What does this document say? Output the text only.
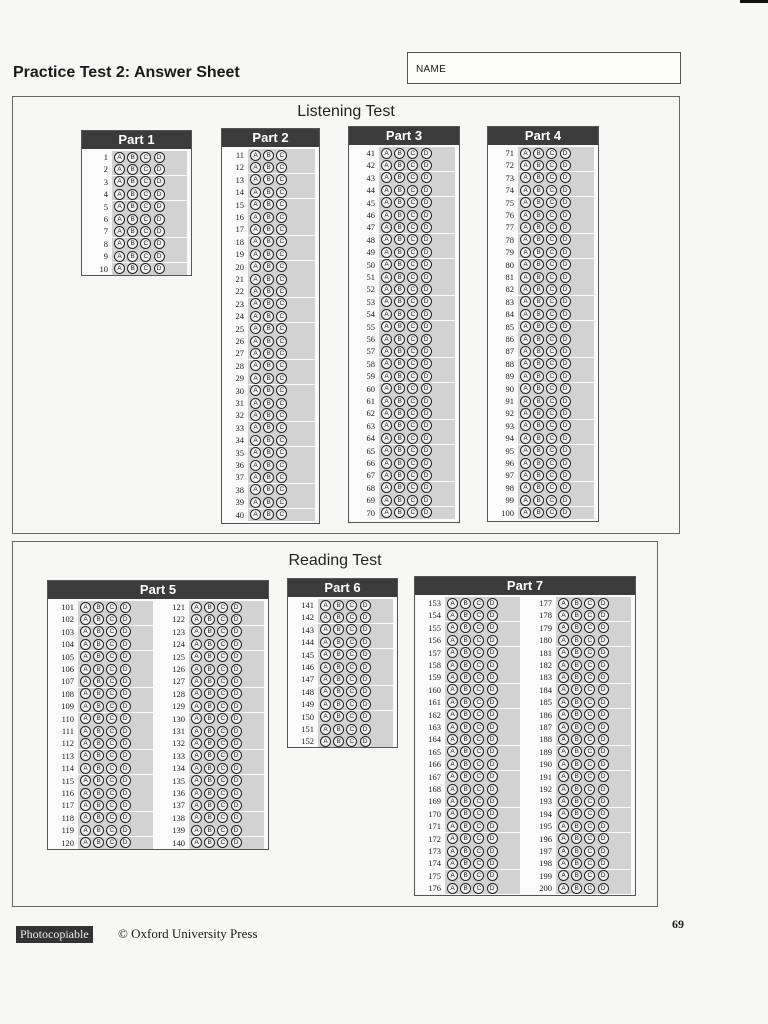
Practice Test 2: Answer Sheet	NAME
Listening Test
Reading Test
Part 1
1	A	B	C	D
2	A	B	C	D
3	A	B	C	D
4	A	B	C	D
5	A	B	C	D
6	A	B	C	D
7	A	B	C	D
8	A	B	C	D
9	A	B	C	D
10	A	B	C	D
Part 2
11	A	B	C
12	A	B	C
13	A	B	C
14	A	B	C
15	A	B	C
16	A	B	C
17	A	B	C
18	A	B	C
19	A	B	C
20	A	B	C
21	A	B	C
22	A	B	C
23	A	B	C
24	A	B	C
25	A	B	C
26	A	B	C
27	A	B	C
28	A	B	C
29	A	B	C
30	A	B	C
31	A	B	C
32	A	B	C
33	A	B	C
34	A	B	C
35	A	B	C
36	A	B	C
37	A	B	C
38	A	B	C
39	A	B	C
40	A	B	C
Part 3
41	A	B	C	D
42	A	B	C	D
43	A	B	C	D
44	A	B	C	D
45	A	B	C	D
46	A	B	C	D
47	A	B	C	D
48	A	B	C	D
49	A	B	C	D
50	A	B	C	D
51	A	B	C	D
52	A	B	C	D
53	A	B	C	D
54	A	B	C	D
55	A	B	C	D
56	A	B	C	D
57	A	B	C	D
58	A	B	C	D
59	A	B	C	D
60	A	B	C	D
61	A	B	C	D
62	A	B	C	D
63	A	B	C	D
64	A	B	C	D
65	A	B	C	D
66	A	B	C	D
67	A	B	C	D
68	A	B	C	D
69	A	B	C	D
70	A	B	C	D
Part 4
71	A	B	C	D
72	A	B	C	D
73	A	B	C	D
74	A	B	C	D
75	A	B	C	D
76	A	B	C	D
77	A	B	C	D
78	A	B	C	D
79	A	B	C	D
80	A	B	C	D
81	A	B	C	D
82	A	B	C	D
83	A	B	C	D
84	A	B	C	D
85	A	B	C	D
86	A	B	C	D
87	A	B	C	D
88	A	B	C	D
89	A	B	C	D
90	A	B	C	D
91	A	B	C	D
92	A	B	C	D
93	A	B	C	D
94	A	B	C	D
95	A	B	C	D
96	A	B	C	D
97	A	B	C	D
98	A	B	C	D
99	A	B	C	D
100	A	B	C	D
Part 5
101	A	B	C	D
102	A	B	C	D
103	A	B	C	D
104	A	B	C	D
105	A	B	C	D
106	A	B	C	D
107	A	B	C	D
108	A	B	C	D
109	A	B	C	D
110	A	B	C	D
111	A	B	C	D
112	A	B	C	D
113	A	B	C	D
114	A	B	C	D
115	A	B	C	D
116	A	B	C	D
117	A	B	C	D
118	A	B	C	D
119	A	B	C	D
120	A	B	C	D
121	A	B	C	D
122	A	B	C	D
123	A	B	C	D
124	A	B	C	D
125	A	B	C	D
126	A	B	C	D
127	A	B	C	D
128	A	B	C	D
129	A	B	C	D
130	A	B	C	D
131	A	B	C	D
132	A	B	C	D
133	A	B	C	D
134	A	B	C	D
135	A	B	C	D
136	A	B	C	D
137	A	B	C	D
138	A	B	C	D
139	A	B	C	D
140	A	B	C	D
Part 6
141	A	B	C	D
142	A	B	C	D
143	A	B	C	D
144	A	B	C	D
145	A	B	C	D
146	A	B	C	D
147	A	B	C	D
148	A	B	C	D
149	A	B	C	D
150	A	B	C	D
151	A	B	C	D
152	A	B	C	D
Part 7
153	A	B	C	D
154	A	B	C	D
155	A	B	C	D
156	A	B	C	D
157	A	B	C	D
158	A	B	C	D
159	A	B	C	D
160	A	B	C	D
161	A	B	C	D
162	A	B	C	D
163	A	B	C	D
164	A	B	C	D
165	A	B	C	D
166	A	B	C	D
167	A	B	C	D
168	A	B	C	D
169	A	B	C	D
170	A	B	C	D
171	A	B	C	D
172	A	B	C	D
173	A	B	C	D
174	A	B	C	D
175	A	B	C	D
176	A	B	C	D
177	A	B	C	D
178	A	B	C	D
179	A	B	C	D
180	A	B	C	D
181	A	B	C	D
182	A	B	C	D
183	A	B	C	D
184	A	B	C	D
185	A	B	C	D
186	A	B	C	D
187	A	B	C	D
188	A	B	C	D
189	A	B	C	D
190	A	B	C	D
191	A	B	C	D
192	A	B	C	D
193	A	B	C	D
194	A	B	C	D
195	A	B	C	D
196	A	B	C	D
197	A	B	C	D
198	A	B	C	D
199	A	B	C	D
200	A	B	C	D
Photocopiable	© Oxford University Press
69
